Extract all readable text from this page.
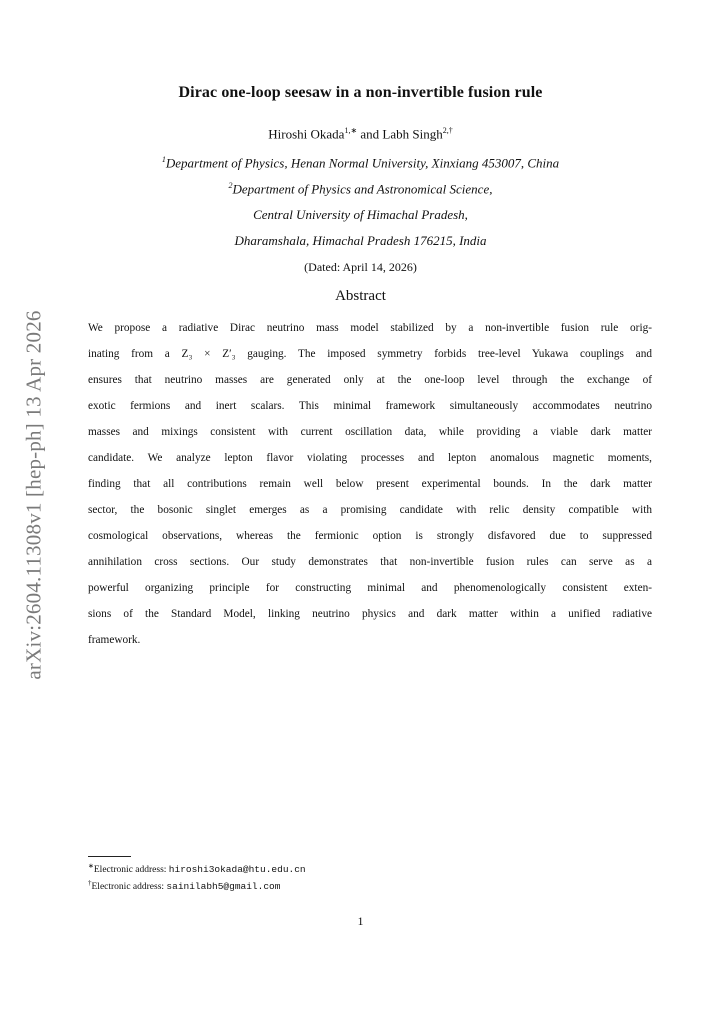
arXiv:2604.11308v1 [hep-ph] 13 Apr 2026
Dirac one-loop seesaw in a non-invertible fusion rule
Hiroshi Okada$^{1,∗}$ and Labh Singh$^{2,\dagger}$
$^1$Department of Physics, Henan Normal University, Xinxiang 453007, China
$^2$Department of Physics and Astronomical Science,
Central University of Himachal Pradesh,
Dharamshala, Himachal Pradesh 176215, India
(Dated: April 14, 2026)
Abstract
We propose a radiative Dirac neutrino mass model stabilized by a non-invertible fusion rule orig-
inating from a Z₃ × Z′₃ gauging. The imposed symmetry forbids tree-level Yukawa couplings and
ensures that neutrino masses are generated only at the one-loop level through the exchange of
exotic fermions and inert scalars. This minimal framework simultaneously accommodates neutrino
masses and mixings consistent with current oscillation data, while providing a viable dark matter
candidate. We analyze lepton flavor violating processes and lepton anomalous magnetic moments,
finding that all contributions remain well below present experimental bounds. In the dark matter
sector, the bosonic singlet emerges as a promising candidate with relic density compatible with
cosmological observations, whereas the fermionic option is strongly disfavored due to suppressed
annihilation cross sections. Our study demonstrates that non-invertible fusion rules can serve as a
powerful organizing principle for constructing minimal and phenomenologically consistent exten-
sions of the Standard Model, linking neutrino physics and dark matter within a unified radiative
framework.
∗Electronic address: hiroshi3okada@htu.edu.cn
†Electronic address: sainilabh5@gmail.com
1
